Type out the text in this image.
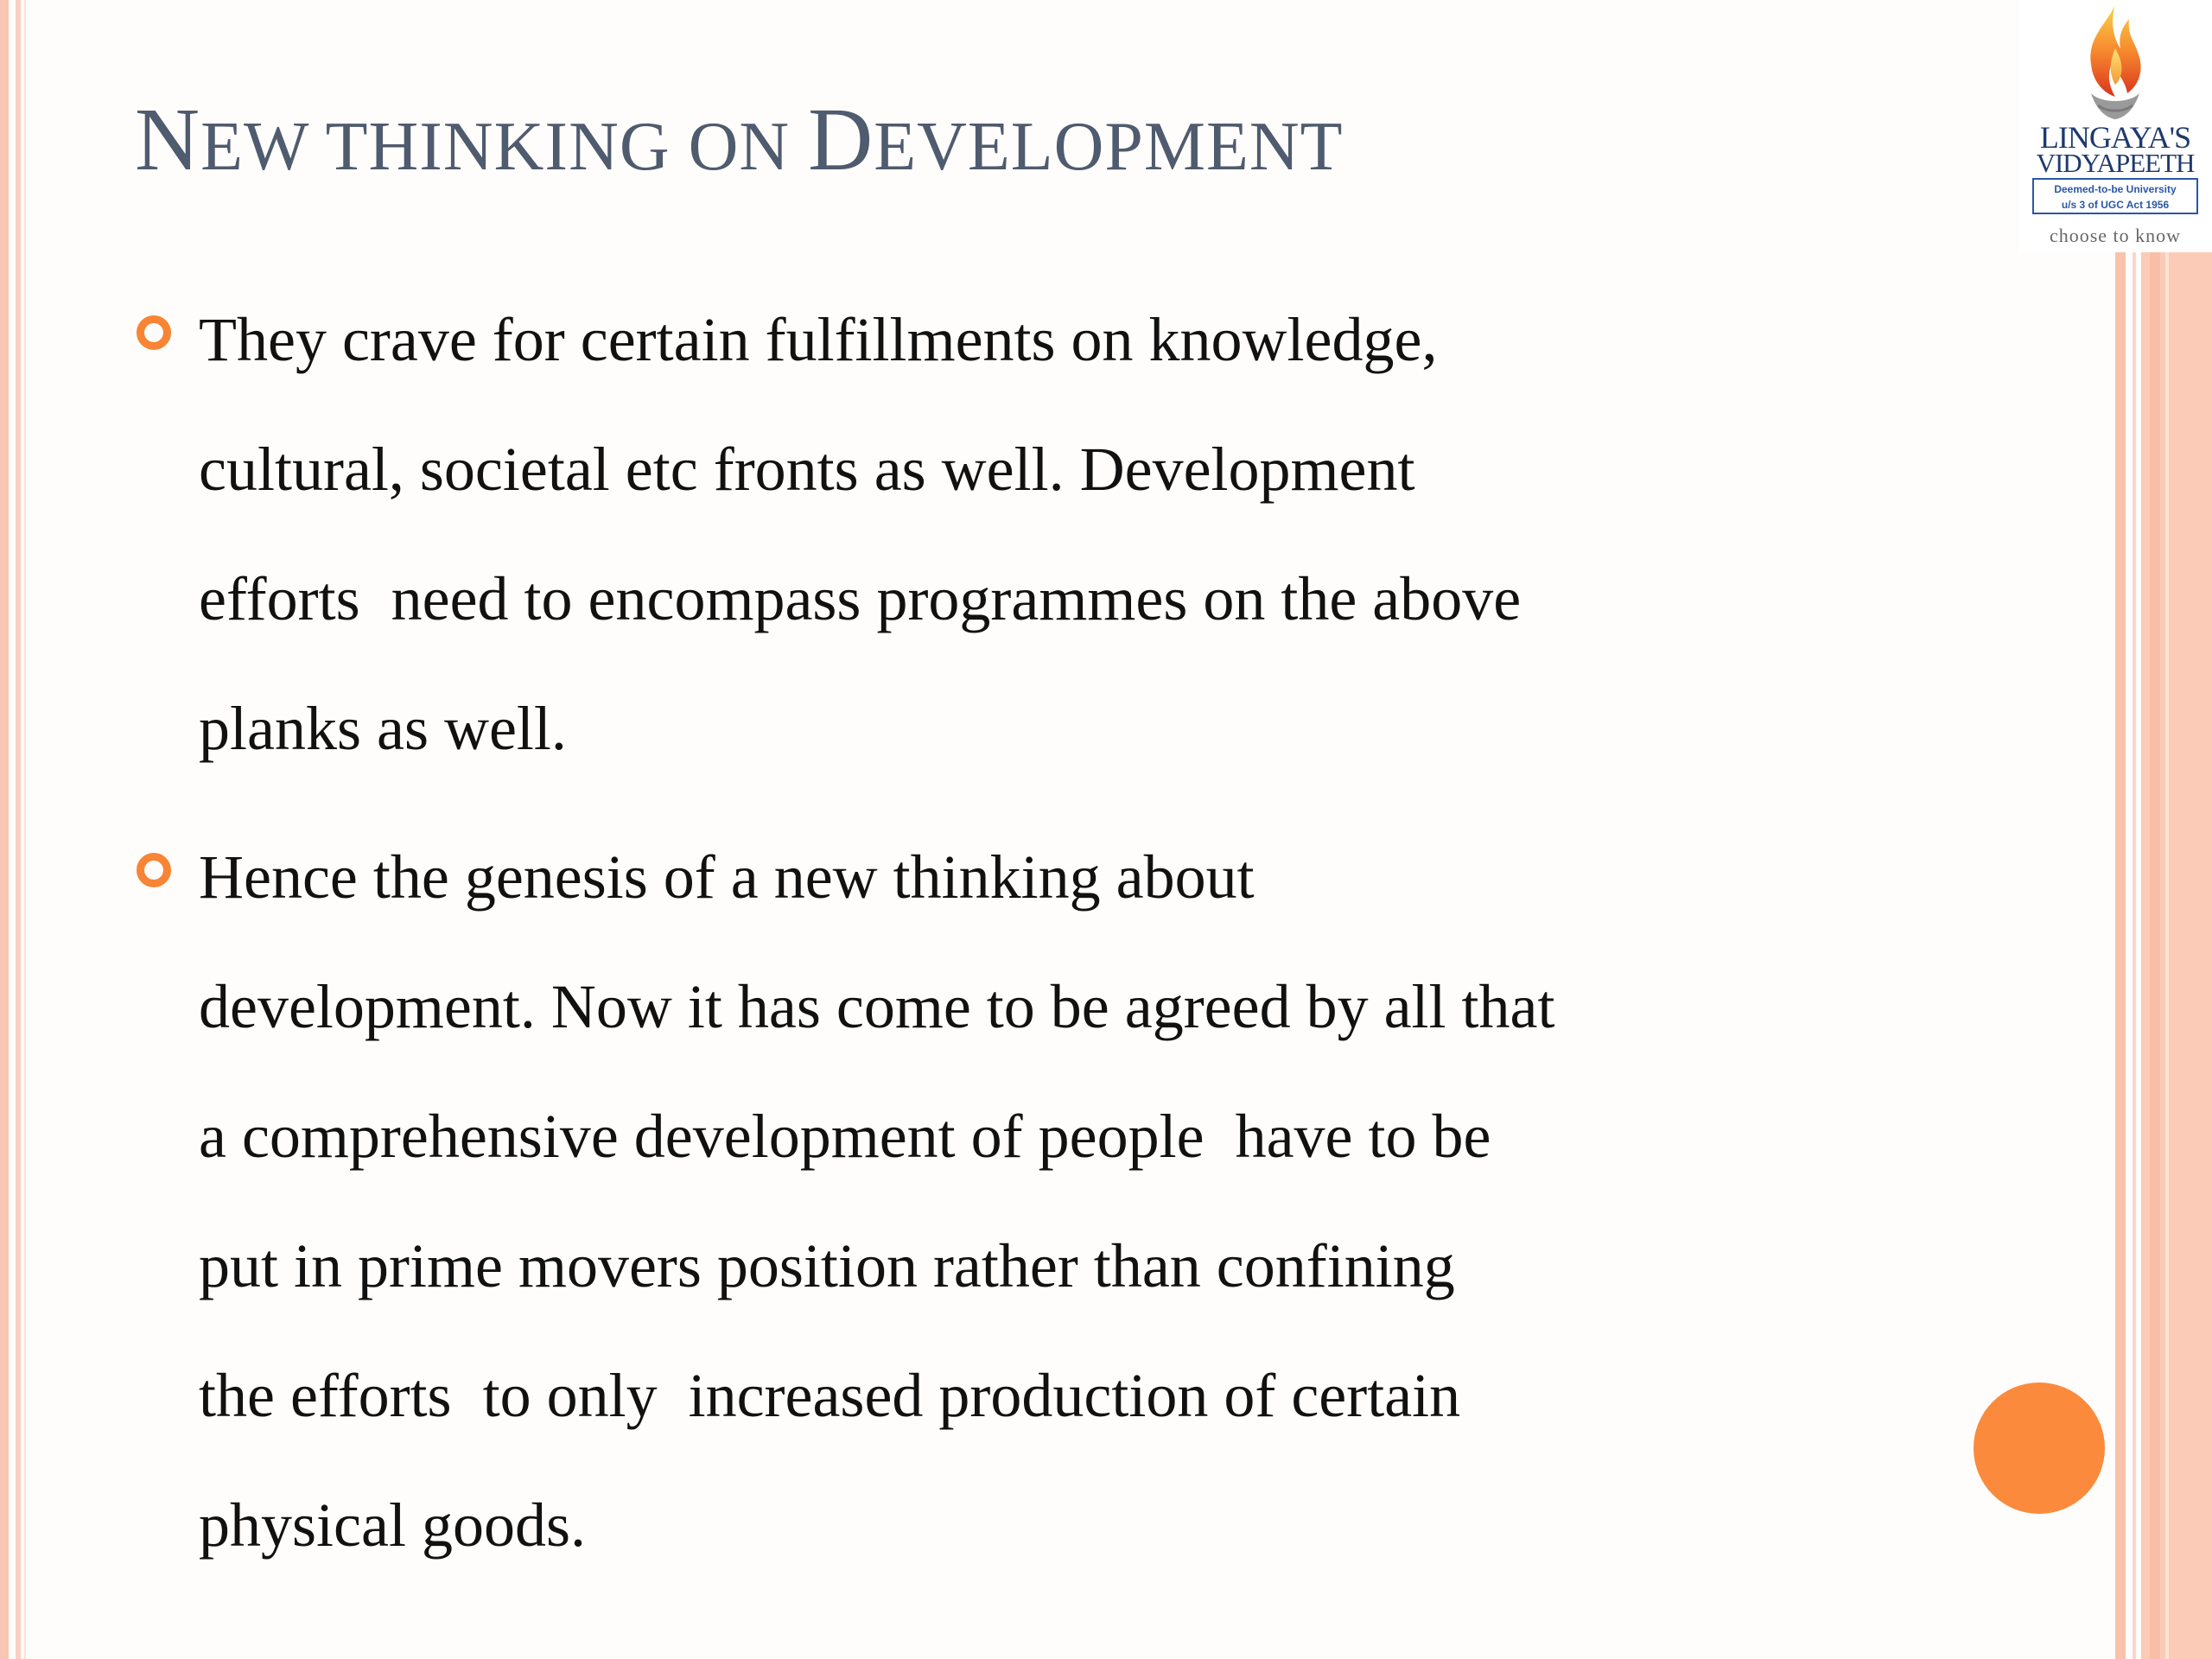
LINGAYA'S
VIDYAPEETH
Deemed-to-be University
u/s 3 of UGC Act 1956
choose to know
NEW THINKING ON DEVELOPMENT
They crave for certain fulfillments on knowledge,
cultural, societal etc fronts as well. Development
efforts  need to encompass programmes on the above
planks as well.
Hence the genesis of a new thinking about
development. Now it has come to be agreed by all that
a comprehensive development of people  have to be
put in prime movers position rather than confining
the efforts  to only  increased production of certain
physical goods.
